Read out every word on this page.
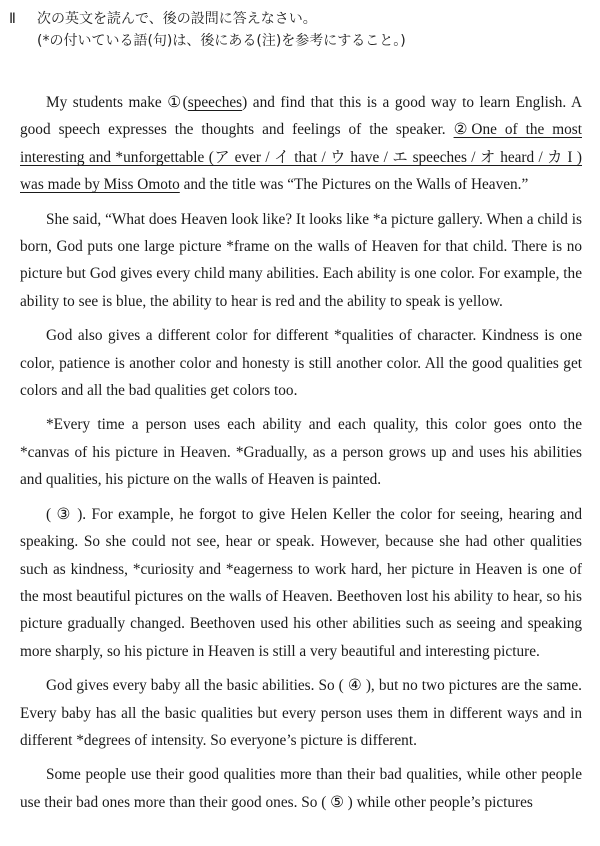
Ⅱ 次の英文を読んで、後の設問に答えなさい。
(*の付いている語(句)は、後にある(注)を参考にすること。)

My students make ①(speeches) and find that this is a good way to learn English. A good speech expresses the thoughts and feelings of the speaker. ②One of the most interesting and *unforgettable (ア ever / イ that / ウ have / エ speeches / オ heard / カ I ) was made by Miss Omoto and the title was “The Pictures on the Walls of Heaven.”

She said, “What does Heaven look like? It looks like *a picture gallery. When a child is born, God puts one large picture *frame on the walls of Heaven for that child. There is no picture but God gives every child many abilities. Each ability is one color. For example, the ability to see is blue, the ability to hear is red and the ability to speak is yellow.

God also gives a different color for different *qualities of character. Kindness is one color, patience is another color and honesty is still another color. All the good qualities get colors and all the bad qualities get colors too.

*Every time a person uses each ability and each quality, this color goes onto the *canvas of his picture in Heaven. *Gradually, as a person grows up and uses his abilities and qualities, his picture on the walls of Heaven is painted.

( ③ ). For example, he forgot to give Helen Keller the color for seeing, hearing and speaking. So she could not see, hear or speak. However, because she had other qualities such as kindness, *curiosity and *eagerness to work hard, her picture in Heaven is one of the most beautiful pictures on the walls of Heaven. Beethoven lost his ability to hear, so his picture gradually changed. Beethoven used his other abilities such as seeing and speaking more sharply, so his picture in Heaven is still a very beautiful and interesting picture.

God gives every baby all the basic abilities. So ( ④ ), but no two pictures are the same. Every baby has all the basic qualities but every person uses them in different ways and in different *degrees of intensity. So everyone’s picture is different.

Some people use their good qualities more than their bad qualities, while other people use their bad ones more than their good ones. So ( ⑤ ) while other people’s pictures
